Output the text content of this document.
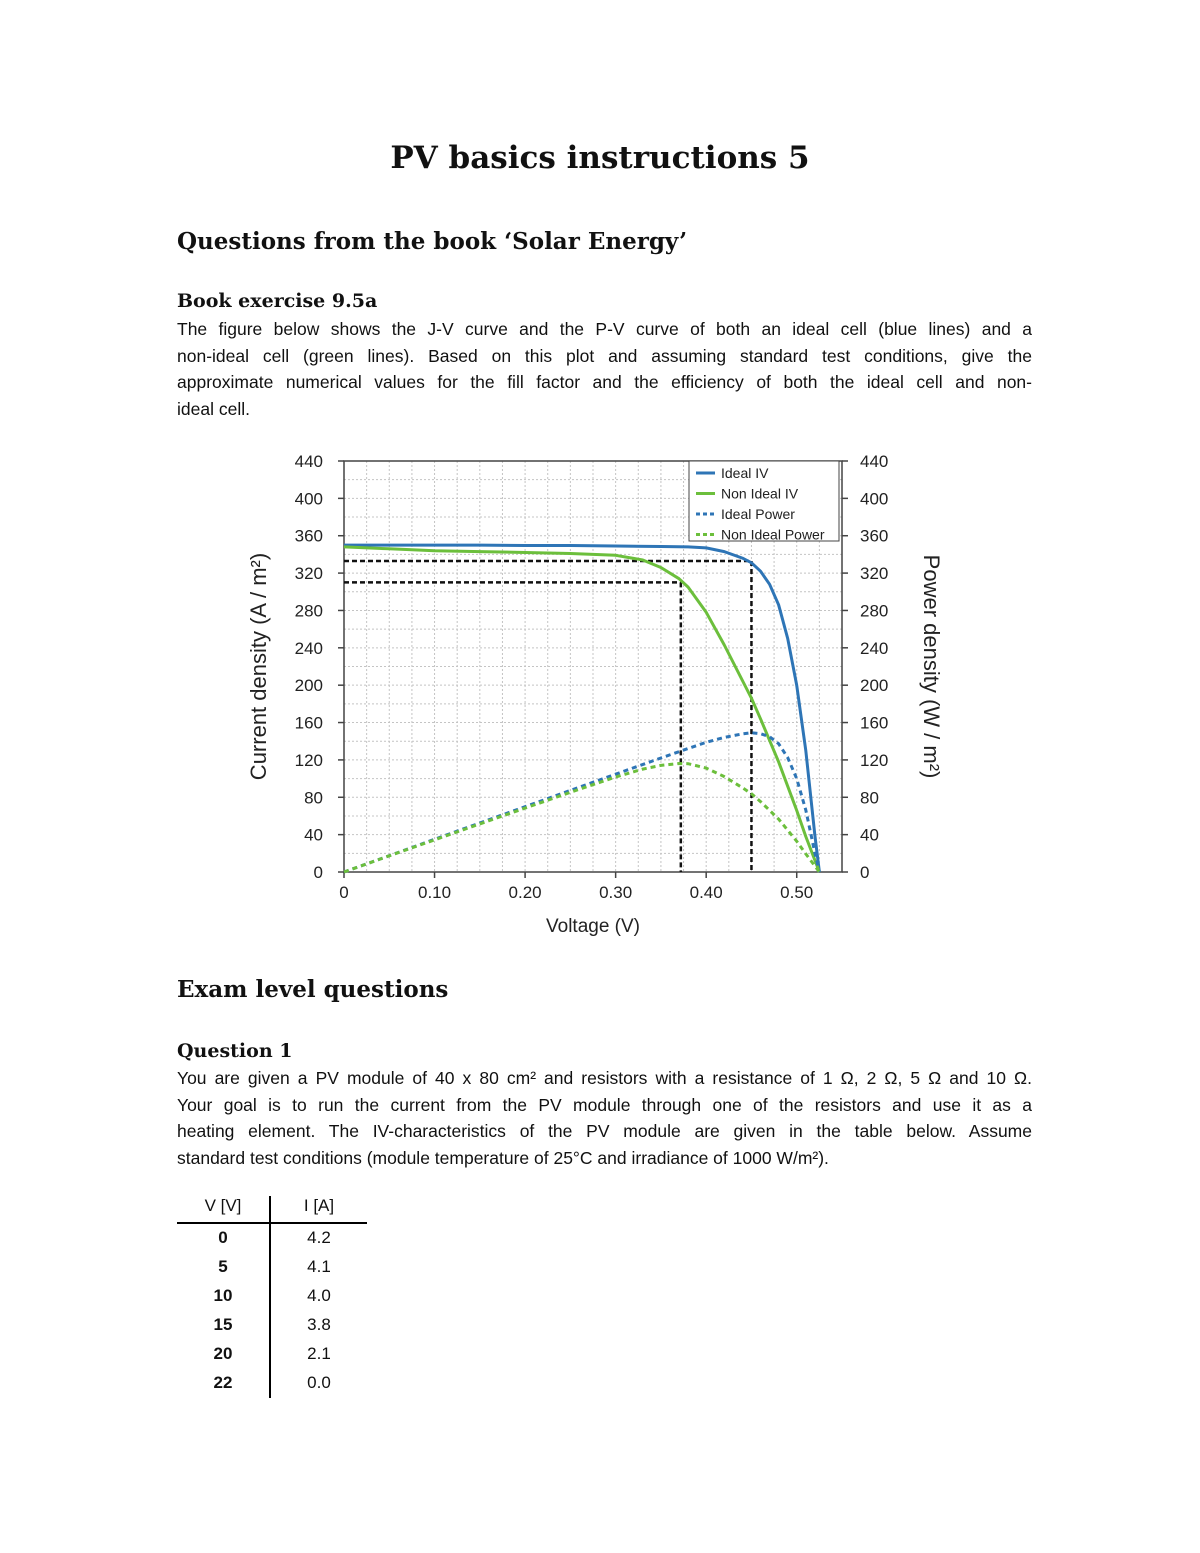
PV basics instructions 5
Questions from the book ‘Solar Energy’
Book exercise 9.5a

The figure below shows the J-V curve and the P-V curve of both an ideal cell (blue lines) and a
non-ideal cell (green lines). Based on this plot and assuming standard test conditions, give the
approximate numerical values for the fill factor and the efficiency of both the ideal cell and non-
ideal cell.

0	0.10	0.20	0.30	0.40	0.50
0	0
40	40
80	80
120	120
160	160
200	200
240	240
280	280
320	320
360	360
400	400
440	440
Voltage (V)
Current density (A / m²)	Power density (W / m²)
Ideal IV
Non Ideal IV
Ideal Power
Non Ideal Power
Exam level questions
Question 1

You are given a PV module of 40 x 80 cm² and resistors with a resistance of 1 Ω, 2 Ω, 5 Ω and 10 Ω.
Your goal is to run the current from the PV module through one of the resistors and use it as a
heating element. The IV-characteristics of the PV module are given in the table below. Assume
standard test conditions (module temperature of 25°C and irradiance of 1000 W/m²).

V [V]	I [A]
0	4.2
5	4.1
10	4.0
15	3.8
20	2.1
22	0.0
